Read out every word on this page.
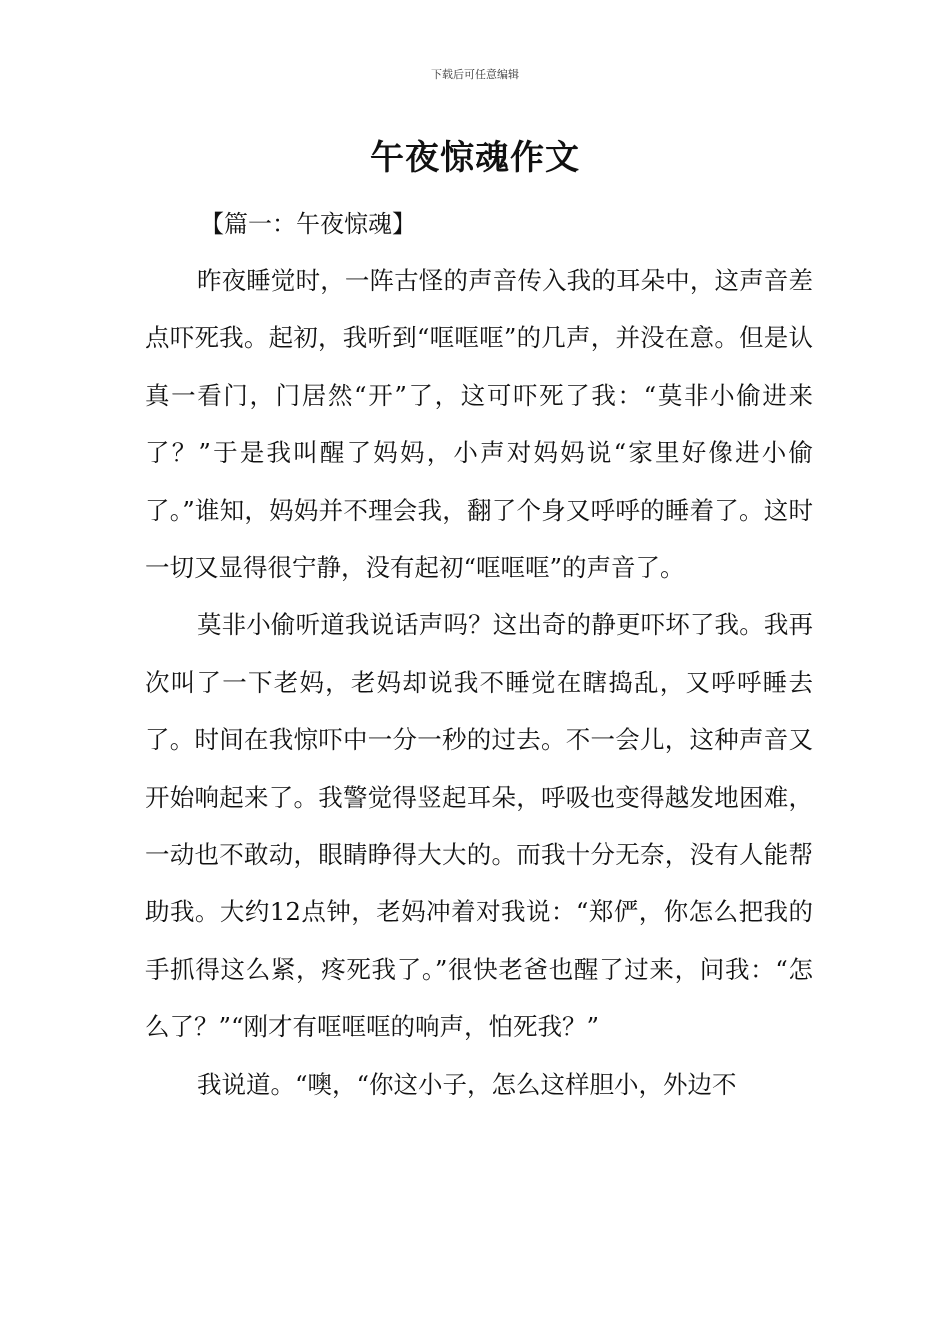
下载后可任意编辑
午夜惊魂作文
【篇一：午夜惊魂】

昨夜睡觉时，一阵古怪的声音传入我的耳朵中，这声音差点吓死我。起初，我听到“哐哐哐”的几声，并没在意。但是认真一看门，门居然“开”了，这可吓死了我：“莫非小偷进来了？”于是我叫醒了妈妈，小声对妈妈说“家里好像进小偷了。”谁知，妈妈并不理会我，翻了个身又呼呼的睡着了。这时一切又显得很宁静，没有起初“哐哐哐”的声音了。

莫非小偷听道我说话声吗？这出奇的静更吓坏了我。我再次叫了一下老妈，老妈却说我不睡觉在瞎捣乱，又呼呼睡去了。时间在我惊吓中一分一秒的过去。不一会儿，这种声音又开始响起来了。我警觉得竖起耳朵，呼吸也变得越发地困难，一动也不敢动，眼睛睁得大大的。而我十分无奈，没有人能帮助我。大约12点钟，老妈冲着对我说：“郑俨，你怎么把我的手抓得这么紧，疼死我了。”很快老爸也醒了过来，问我：“怎么了？”“刚才有哐哐哐的响声，怕死我？”

我说道。“噢，“你这小子，怎么这样胆小，外边不
